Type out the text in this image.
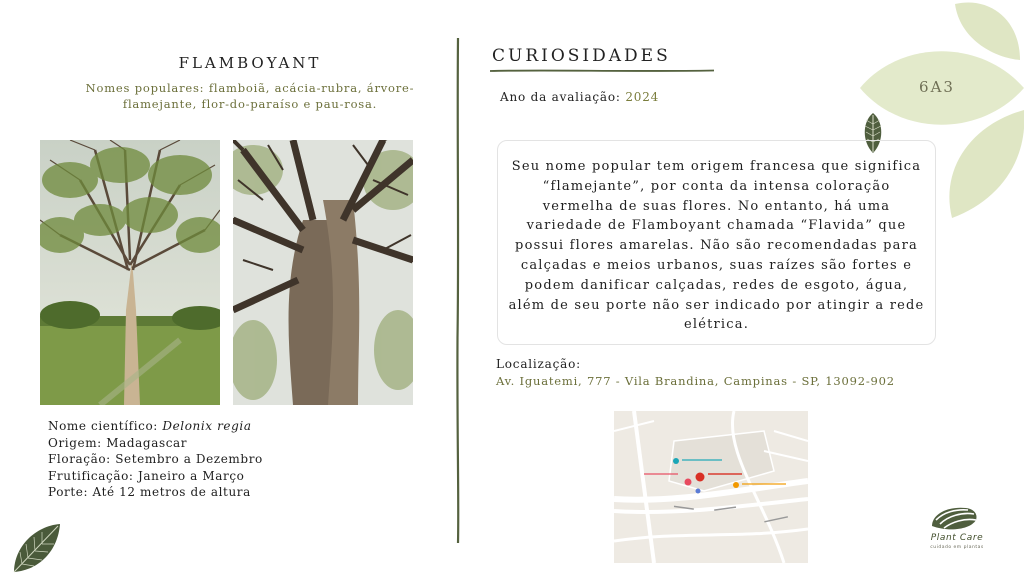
6A3
FLAMBOYANT
Nomes populares: flamboiã, acácia-rubra, árvore-flamejante, flor-do-paraíso e pau-rosa.
Nome científico: Delonix regia
Origem: Madagascar
Floração: Setembro a Dezembro
Frutificação: Janeiro a Março
Porte: Até 12 metros de altura
CURIOSIDADES
Ano da avaliação: 2024
Seu nome popular tem origem francesa que significa “flamejante”, por conta da intensa coloração vermelha de suas flores. No entanto, há uma variedade de Flamboyant chamada “Flavida” que possui flores amarelas. Não são recomendadas para calçadas e meios urbanos, suas raízes são fortes e podem danificar calçadas, redes de esgoto, água, além de seu porte não ser indicado por atingir a rede elétrica.
Localização:
Av. Iguatemi, 777 - Vila Brandina, Campinas - SP, 13092-902
Plant Care
cuidado em plantas
